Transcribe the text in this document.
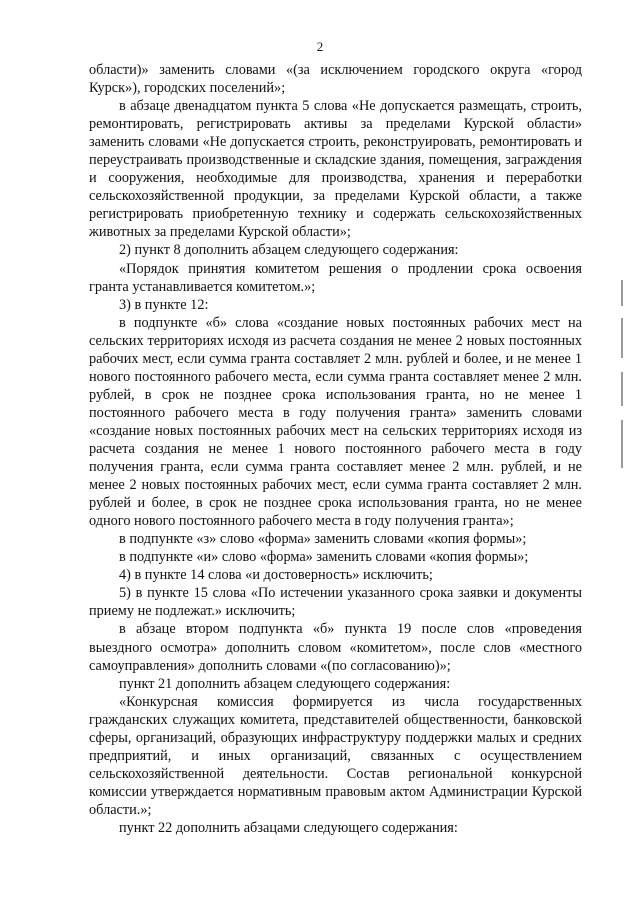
2

области)» заменить словами «(за исключением городского округа «город Курск»), городских поселений»;

в абзаце двенадцатом пункта 5 слова «Не допускается размещать, строить, ремонтировать, регистрировать активы за пределами Курской области» заменить словами «Не допускается строить, реконструировать, ремонтировать и переустраивать производственные и складские здания, помещения, заграждения и сооружения, необходимые для производства, хранения и переработки сельскохозяйственной продукции, за пределами Курской области, а также регистрировать приобретенную технику и содержать сельскохозяйственных животных за пределами Курской области»;

2) пункт 8 дополнить абзацем следующего содержания:

«Порядок принятия комитетом решения о продлении срока освоения гранта устанавливается комитетом.»;

3) в пункте 12:

в подпункте «б» слова «создание новых постоянных рабочих мест на сельских территориях исходя из расчета создания не менее 2 новых постоянных рабочих мест, если сумма гранта составляет 2 млн. рублей и более, и не менее 1 нового постоянного рабочего места, если сумма гранта составляет менее 2 млн. рублей, в срок не позднее срока использования гранта, но не менее 1 постоянного рабочего места в году получения гранта» заменить словами «создание новых постоянных рабочих мест на сельских территориях исходя из расчета создания не менее 1 нового постоянного рабочего места в году получения гранта, если сумма гранта составляет менее 2 млн. рублей, и не менее 2 новых постоянных рабочих мест, если сумма гранта составляет 2 млн. рублей и более, в срок не позднее срока использования гранта, но не менее одного нового постоянного рабочего места в году получения гранта»;

в подпункте «з» слово «форма» заменить словами «копия формы»;

в подпункте «и» слово «форма» заменить словами «копия формы»;

4) в пункте 14 слова «и достоверность» исключить;

5) в пункте 15 слова «По истечении указанного срока заявки и документы приему не подлежат.» исключить;

в абзаце втором подпункта «б» пункта 19 после слов «проведения выездного осмотра» дополнить словом «комитетом», после слов «местного самоуправления» дополнить словами «(по согласованию)»;

пункт 21 дополнить абзацем следующего содержания:

«Конкурсная комиссия формируется из числа государственных гражданских служащих комитета, представителей общественности, банковской сферы, организаций, образующих инфраструктуру поддержки малых и средних предприятий, и иных организаций, связанных с осуществлением сельскохозяйственной деятельности. Состав региональной конкурсной комиссии утверждается нормативным правовым актом Администрации Курской области.»;

пункт 22 дополнить абзацами следующего содержания:
